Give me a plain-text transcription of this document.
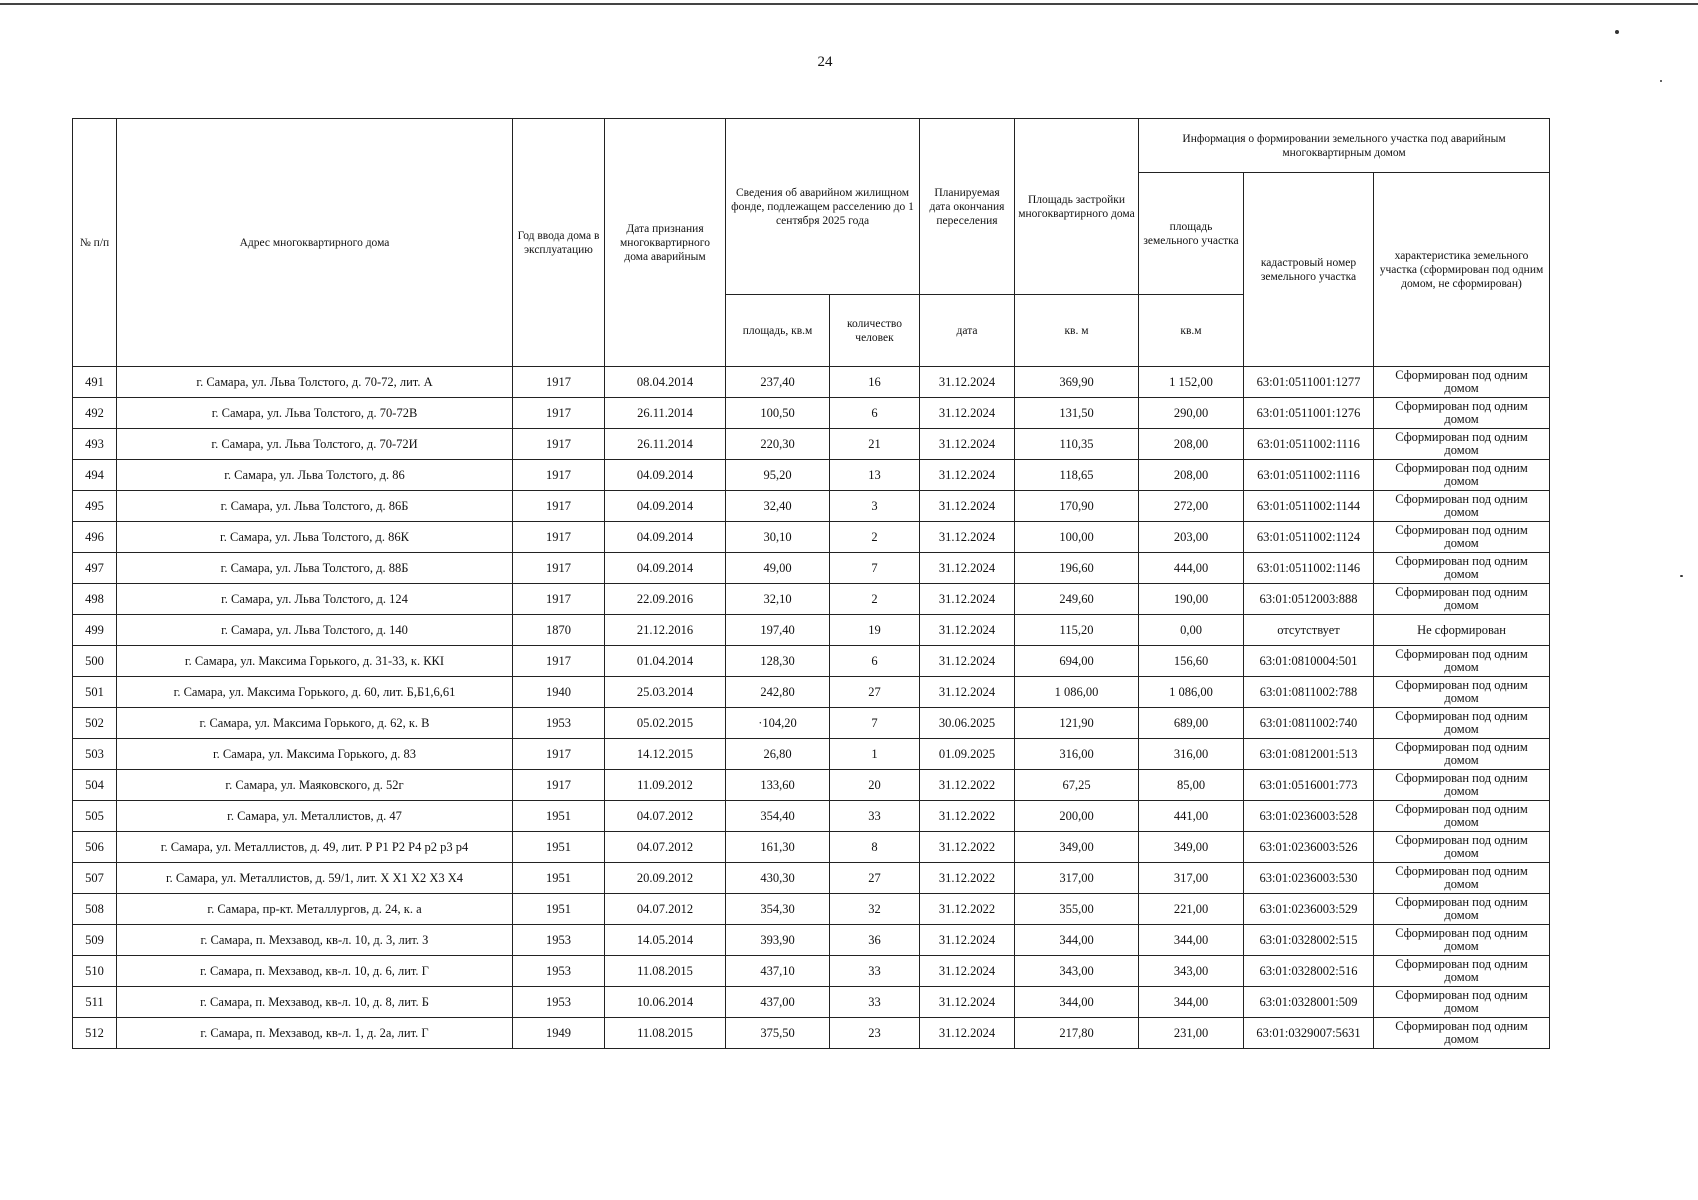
24
№ п/п	Адрес многоквартирного дома	Год ввода дома в эксплуатацию	Дата признания многоквартирного дома аварийным	Сведения об аварийном жилищном фонде, подлежащем расселению до 1 сентября 2025 года		Планируемая дата окончания переселения	Площадь застройки многоквартирного дома	Информация о формировании земельного участка под аварийным многоквартирным домом		
								площадь земельного участка	кадастровый номер земельного участка	характеристика земельного участка (сформирован под одним домом, не сформирован)
				площадь, кв.м	количество человек	дата	кв. м	кв.м		
491	г. Самара, ул. Льва Толстого, д. 70-72, лит. А	1917	08.04.2014	237,40	16	31.12.2024	369,90	1 152,00	63:01:0511001:1277	Сформирован под одним
домом

492	г. Самара, ул. Льва Толстого, д. 70-72В	1917	26.11.2014	100,50	6	31.12.2024	131,50	290,00	63:01:0511001:1276	Сформирован под одним
домом

493	г. Самара, ул. Льва Толстого, д. 70-72И	1917	26.11.2014	220,30	21	31.12.2024	110,35	208,00	63:01:0511002:1116	Сформирован под одним
домом

494	г. Самара, ул. Льва Толстого, д. 86	1917	04.09.2014	95,20	13	31.12.2024	118,65	208,00	63:01:0511002:1116	Сформирован под одним
домом

495	г. Самара, ул. Льва Толстого, д. 86Б	1917	04.09.2014	32,40	3	31.12.2024	170,90	272,00	63:01:0511002:1144	Сформирован под одним
домом

496	г. Самара, ул. Льва Толстого, д. 86К	1917	04.09.2014	30,10	2	31.12.2024	100,00	203,00	63:01:0511002:1124	Сформирован под одним
домом

497	г. Самара, ул. Льва Толстого, д. 88Б	1917	04.09.2014	49,00	7	31.12.2024	196,60	444,00	63:01:0511002:1146	Сформирован под одним
домом

498	г. Самара, ул. Льва Толстого, д. 124	1917	22.09.2016	32,10	2	31.12.2024	249,60	190,00	63:01:0512003:888	Сформирован под одним
домом

499	г. Самара, ул. Льва Толстого, д. 140	1870	21.12.2016	197,40	19	31.12.2024	115,20	0,00	отсутствует	Не сформирован

500	г. Самара, ул. Максима Горького, д. 31-33, к. ККI	1917	01.04.2014	128,30	6	31.12.2024	694,00	156,60	63:01:0810004:501	Сформирован под одним
домом

501	г. Самара, ул. Максима Горького, д. 60, лит. Б,Б1,6,61	1940	25.03.2014	242,80	27	31.12.2024	1 086,00	1 086,00	63:01:0811002:788	Сформирован под одним
домом

502	г. Самара, ул. Максима Горького, д. 62, к. В	1953	05.02.2015	·104,20	7	30.06.2025	121,90	689,00	63:01:0811002:740	Сформирован под одним
домом

503	г. Самара, ул. Максима Горького, д. 83	1917	14.12.2015	26,80	1	01.09.2025	316,00	316,00	63:01:0812001:513	Сформирован под одним
домом

504	г. Самара, ул. Маяковского, д. 52г	1917	11.09.2012	133,60	20	31.12.2022	67,25	85,00	63:01:0516001:773	Сформирован под одним
домом

505	г. Самара, ул. Металлистов, д. 47	1951	04.07.2012	354,40	33	31.12.2022	200,00	441,00	63:01:0236003:528	Сформирован под одним
домом

506	г. Самара, ул. Металлистов, д. 49, лит. Р Р1 Р2 Р4 р2 р3 р4	1951	04.07.2012	161,30	8	31.12.2022	349,00	349,00	63:01:0236003:526	Сформирован под одним
домом

507	г. Самара, ул. Металлистов, д. 59/1, лит. Х Х1 Х2 Х3 Х4	1951	20.09.2012	430,30	27	31.12.2022	317,00	317,00	63:01:0236003:530	Сформирован под одним
домом

508	г. Самара, пр-кт. Металлургов, д. 24, к. а	1951	04.07.2012	354,30	32	31.12.2022	355,00	221,00	63:01:0236003:529	Сформирован под одним
домом

509	г. Самара, п. Мехзавод, кв-л. 10, д. 3, лит. З	1953	14.05.2014	393,90	36	31.12.2024	344,00	344,00	63:01:0328002:515	Сформирован под одним
домом

510	г. Самара, п. Мехзавод, кв-л. 10, д. 6, лит. Г	1953	11.08.2015	437,10	33	31.12.2024	343,00	343,00	63:01:0328002:516	Сформирован под одним
домом

511	г. Самара, п. Мехзавод, кв-л. 10, д. 8, лит. Б	1953	10.06.2014	437,00	33	31.12.2024	344,00	344,00	63:01:0328001:509	Сформирован под одним
домом

512	г. Самара, п. Мехзавод, кв-л. 1, д. 2а, лит. Г	1949	11.08.2015	375,50	23	31.12.2024	217,80	231,00	63:01:0329007:5631	Сформирован под одним
домом
